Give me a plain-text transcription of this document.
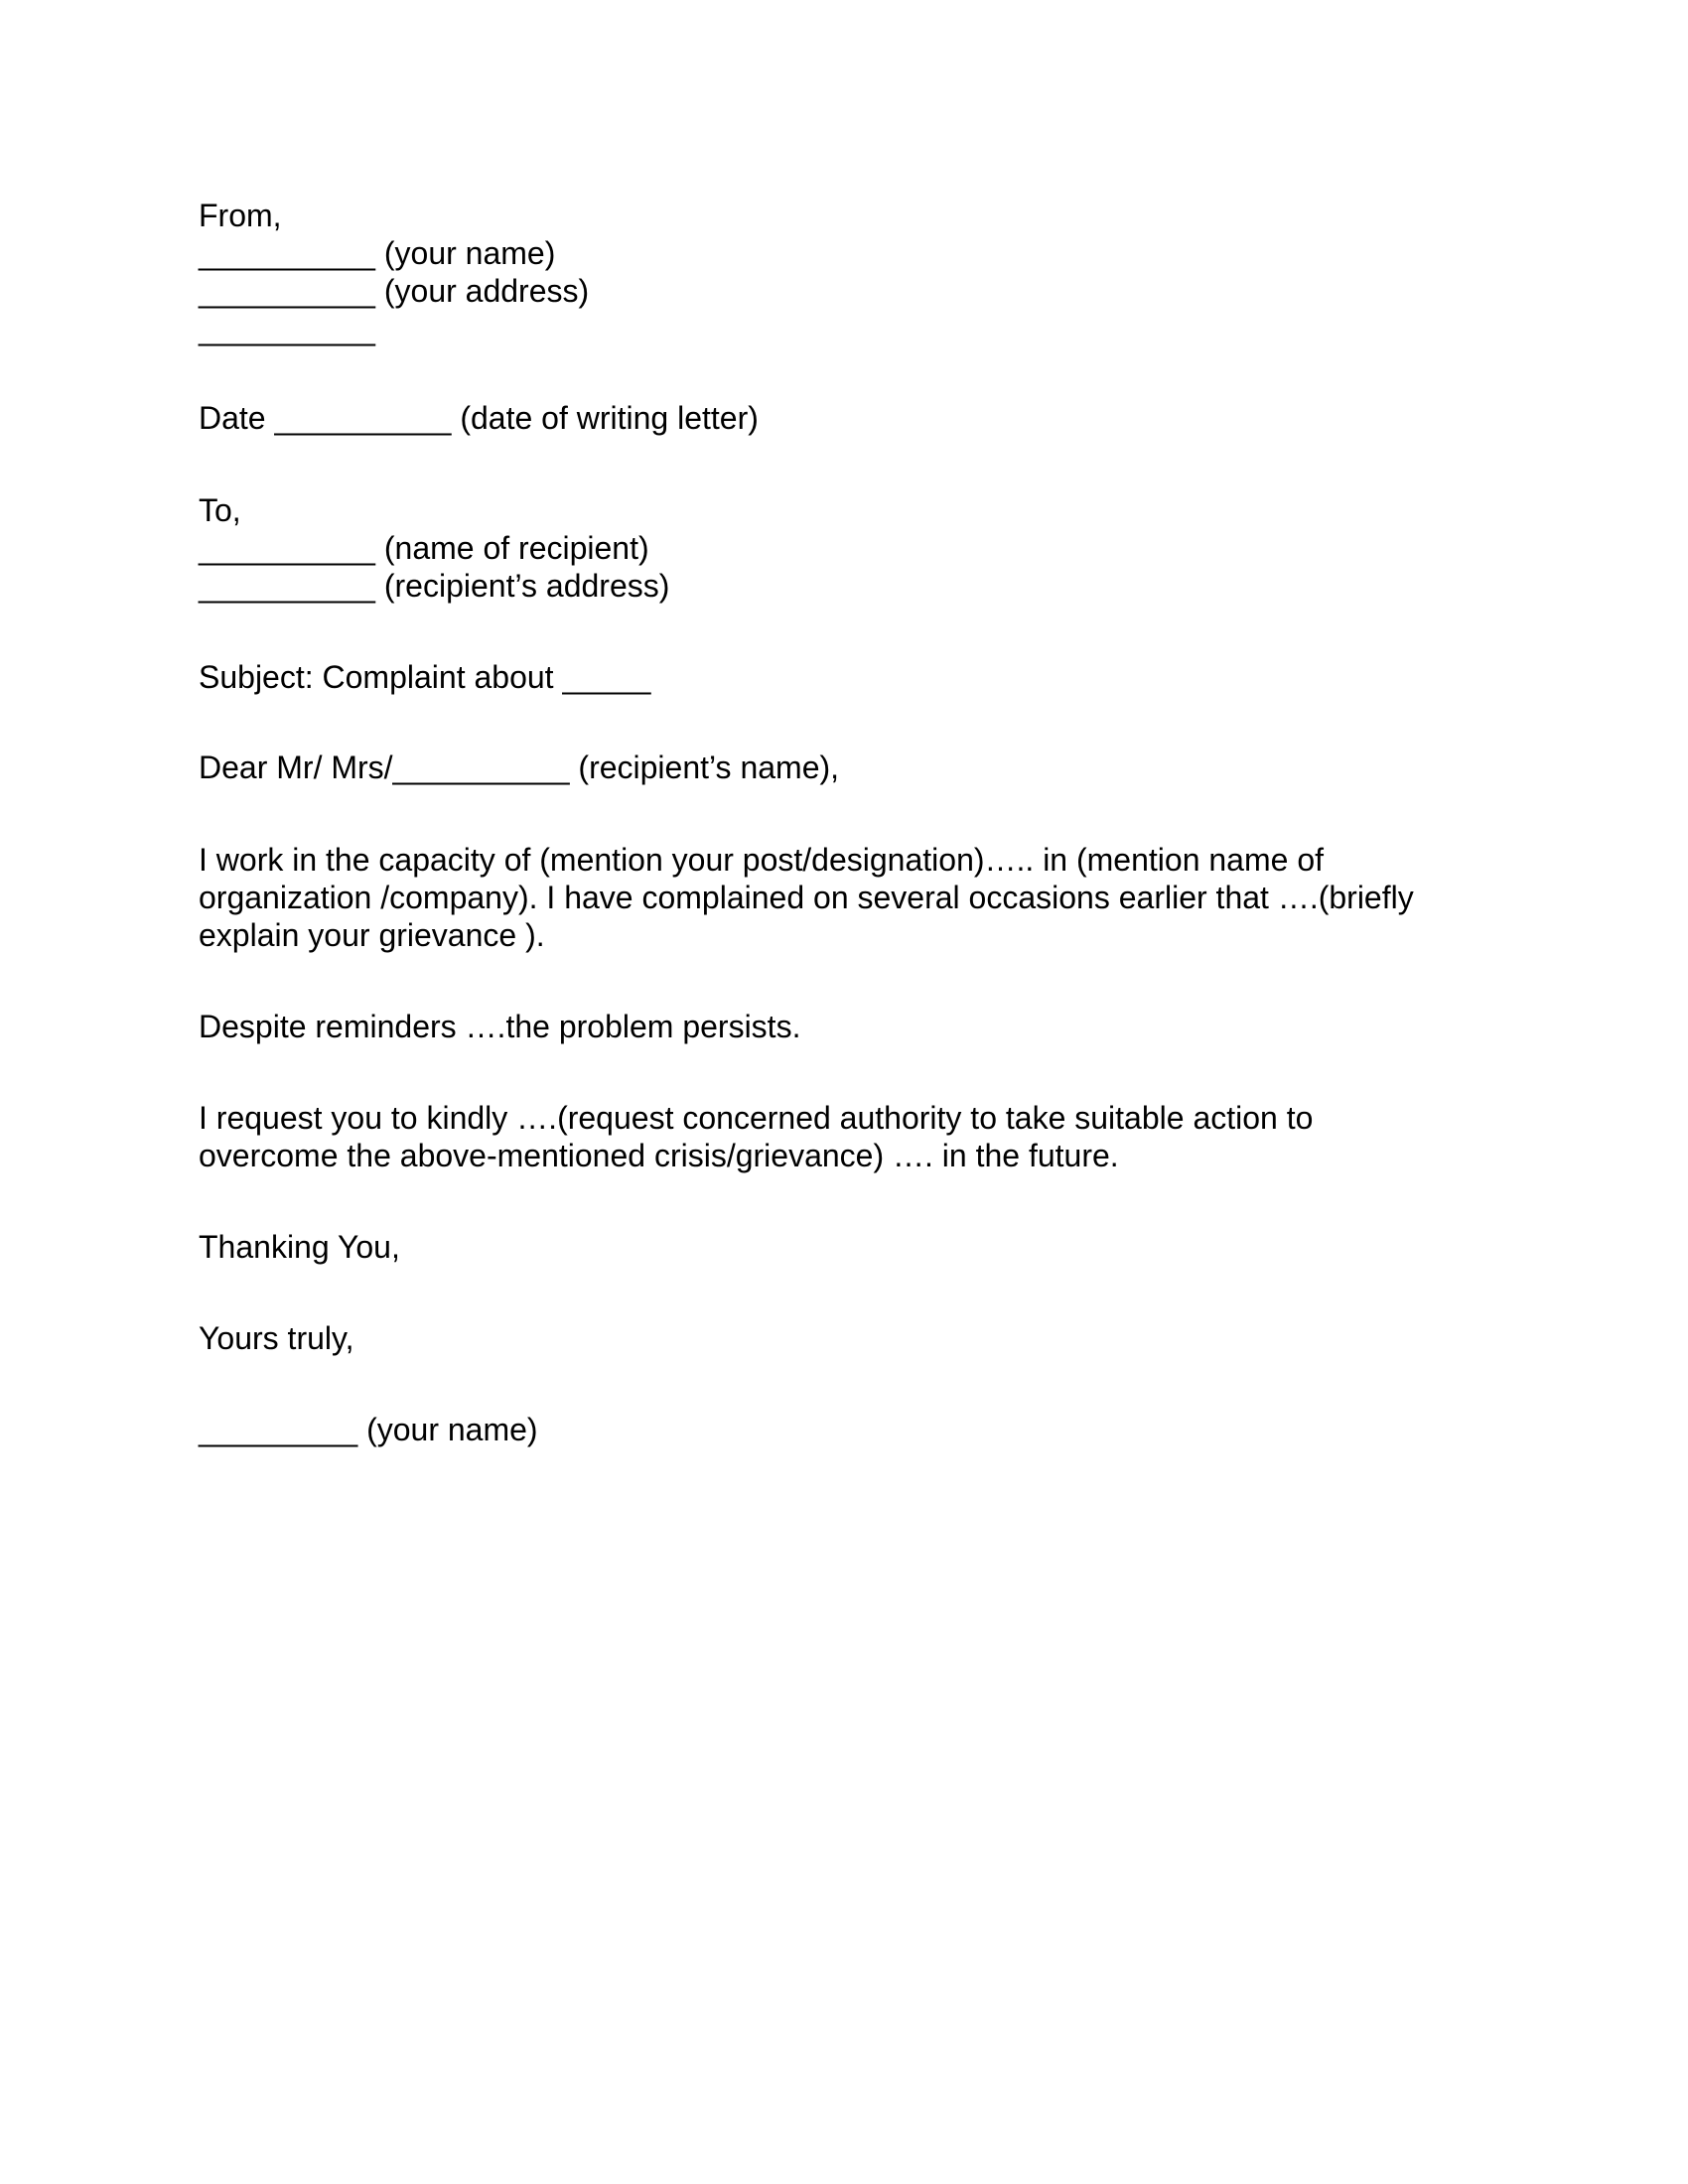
From,
__________ (your name)
__________ (your address)
__________
Date __________ (date of writing letter)
To,
__________ (name of recipient)
__________ (recipient’s address)
Subject: Complaint about _____
Dear Mr/ Mrs/__________ (recipient’s name),
I work in the capacity of (mention your post/designation)….. in (mention name of
organization /company). I have complained on several occasions earlier that ….(briefly
explain your grievance ).
Despite reminders ….the problem persists.
I request you to kindly ….(request concerned authority to take suitable action to
overcome the above-mentioned crisis/grievance) …. in the future.
Thanking You,
Yours truly,
_________ (your name)
